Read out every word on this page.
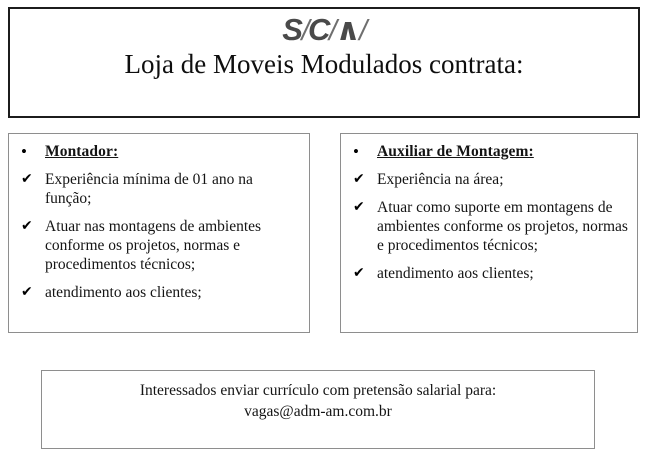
S/C/∧/
Loja de Moveis Modulados contrata:
•	Montador:
✔ Experiência mínima de 01 ano na função;
✔ Atuar nas montagens de ambientes conforme os projetos, normas e procedimentos técnicos;
✔ atendimento aos clientes;
•	Auxiliar de Montagem:
✔ Experiência na área;
✔ Atuar como suporte em montagens de ambientes conforme os projetos, normas e procedimentos técnicos;
✔ atendimento aos clientes;
Interessados enviar currículo com pretensão salarial para:
vagas@adm-am.com.br
